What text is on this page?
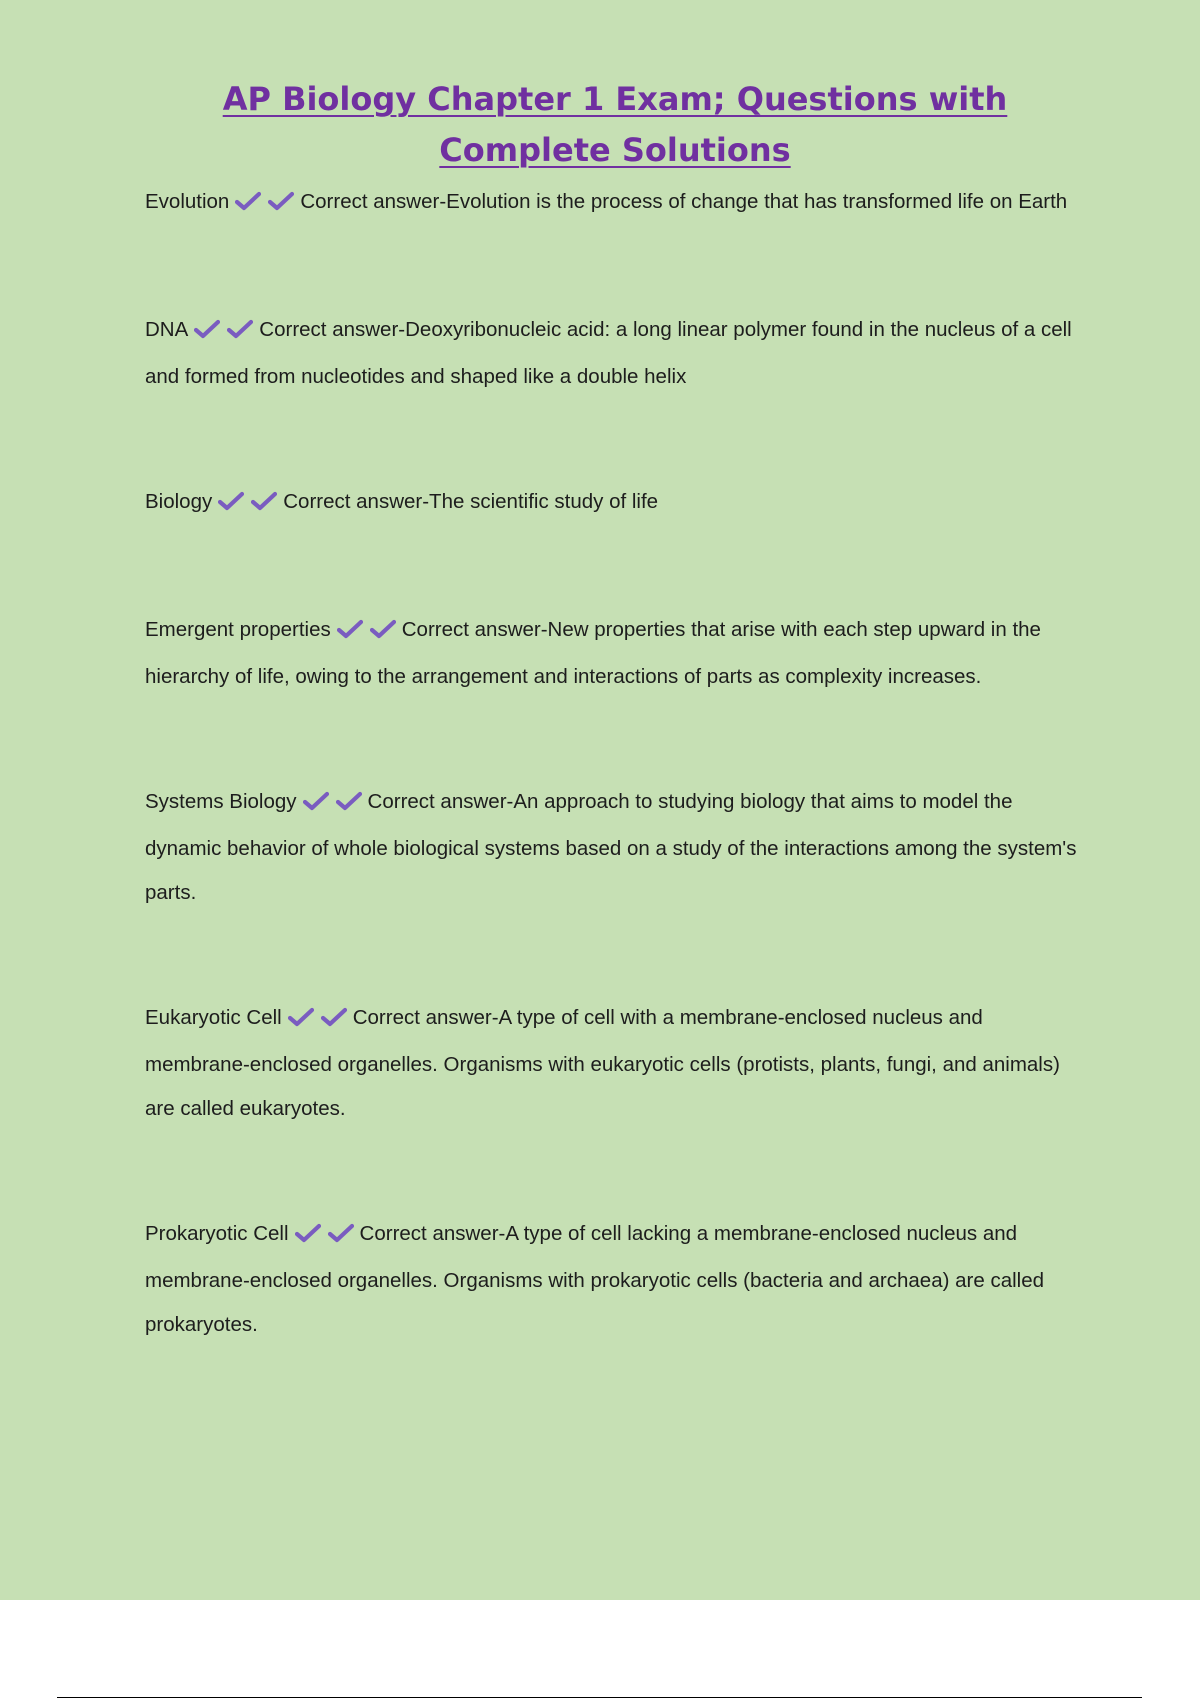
AP Biology Chapter 1 Exam; Questions with Complete Solutions

Evolution	Correct answer-Evolution is the process of change that has transformed life on Earth

DNA	Correct answer-Deoxyribonucleic acid: a long linear polymer found in the nucleus of a cell and formed from nucleotides and shaped like a double helix

Biology	Correct answer-The scientific study of life

Emergent properties	Correct answer-New properties that arise with each step upward in the hierarchy of life, owing to the arrangement and interactions of parts as complexity increases.

Systems Biology	Correct answer-An approach to studying biology that aims to model the dynamic behavior of whole biological systems based on a study of the interactions among the system's parts.

Eukaryotic Cell	Correct answer-A type of cell with a membrane-enclosed nucleus and membrane-enclosed organelles. Organisms with eukaryotic cells (protists, plants, fungi, and animals) are called eukaryotes.

Prokaryotic Cell	Correct answer-A type of cell lacking a membrane-enclosed nucleus and membrane-enclosed organelles. Organisms with prokaryotic cells (bacteria and archaea) are called prokaryotes.
